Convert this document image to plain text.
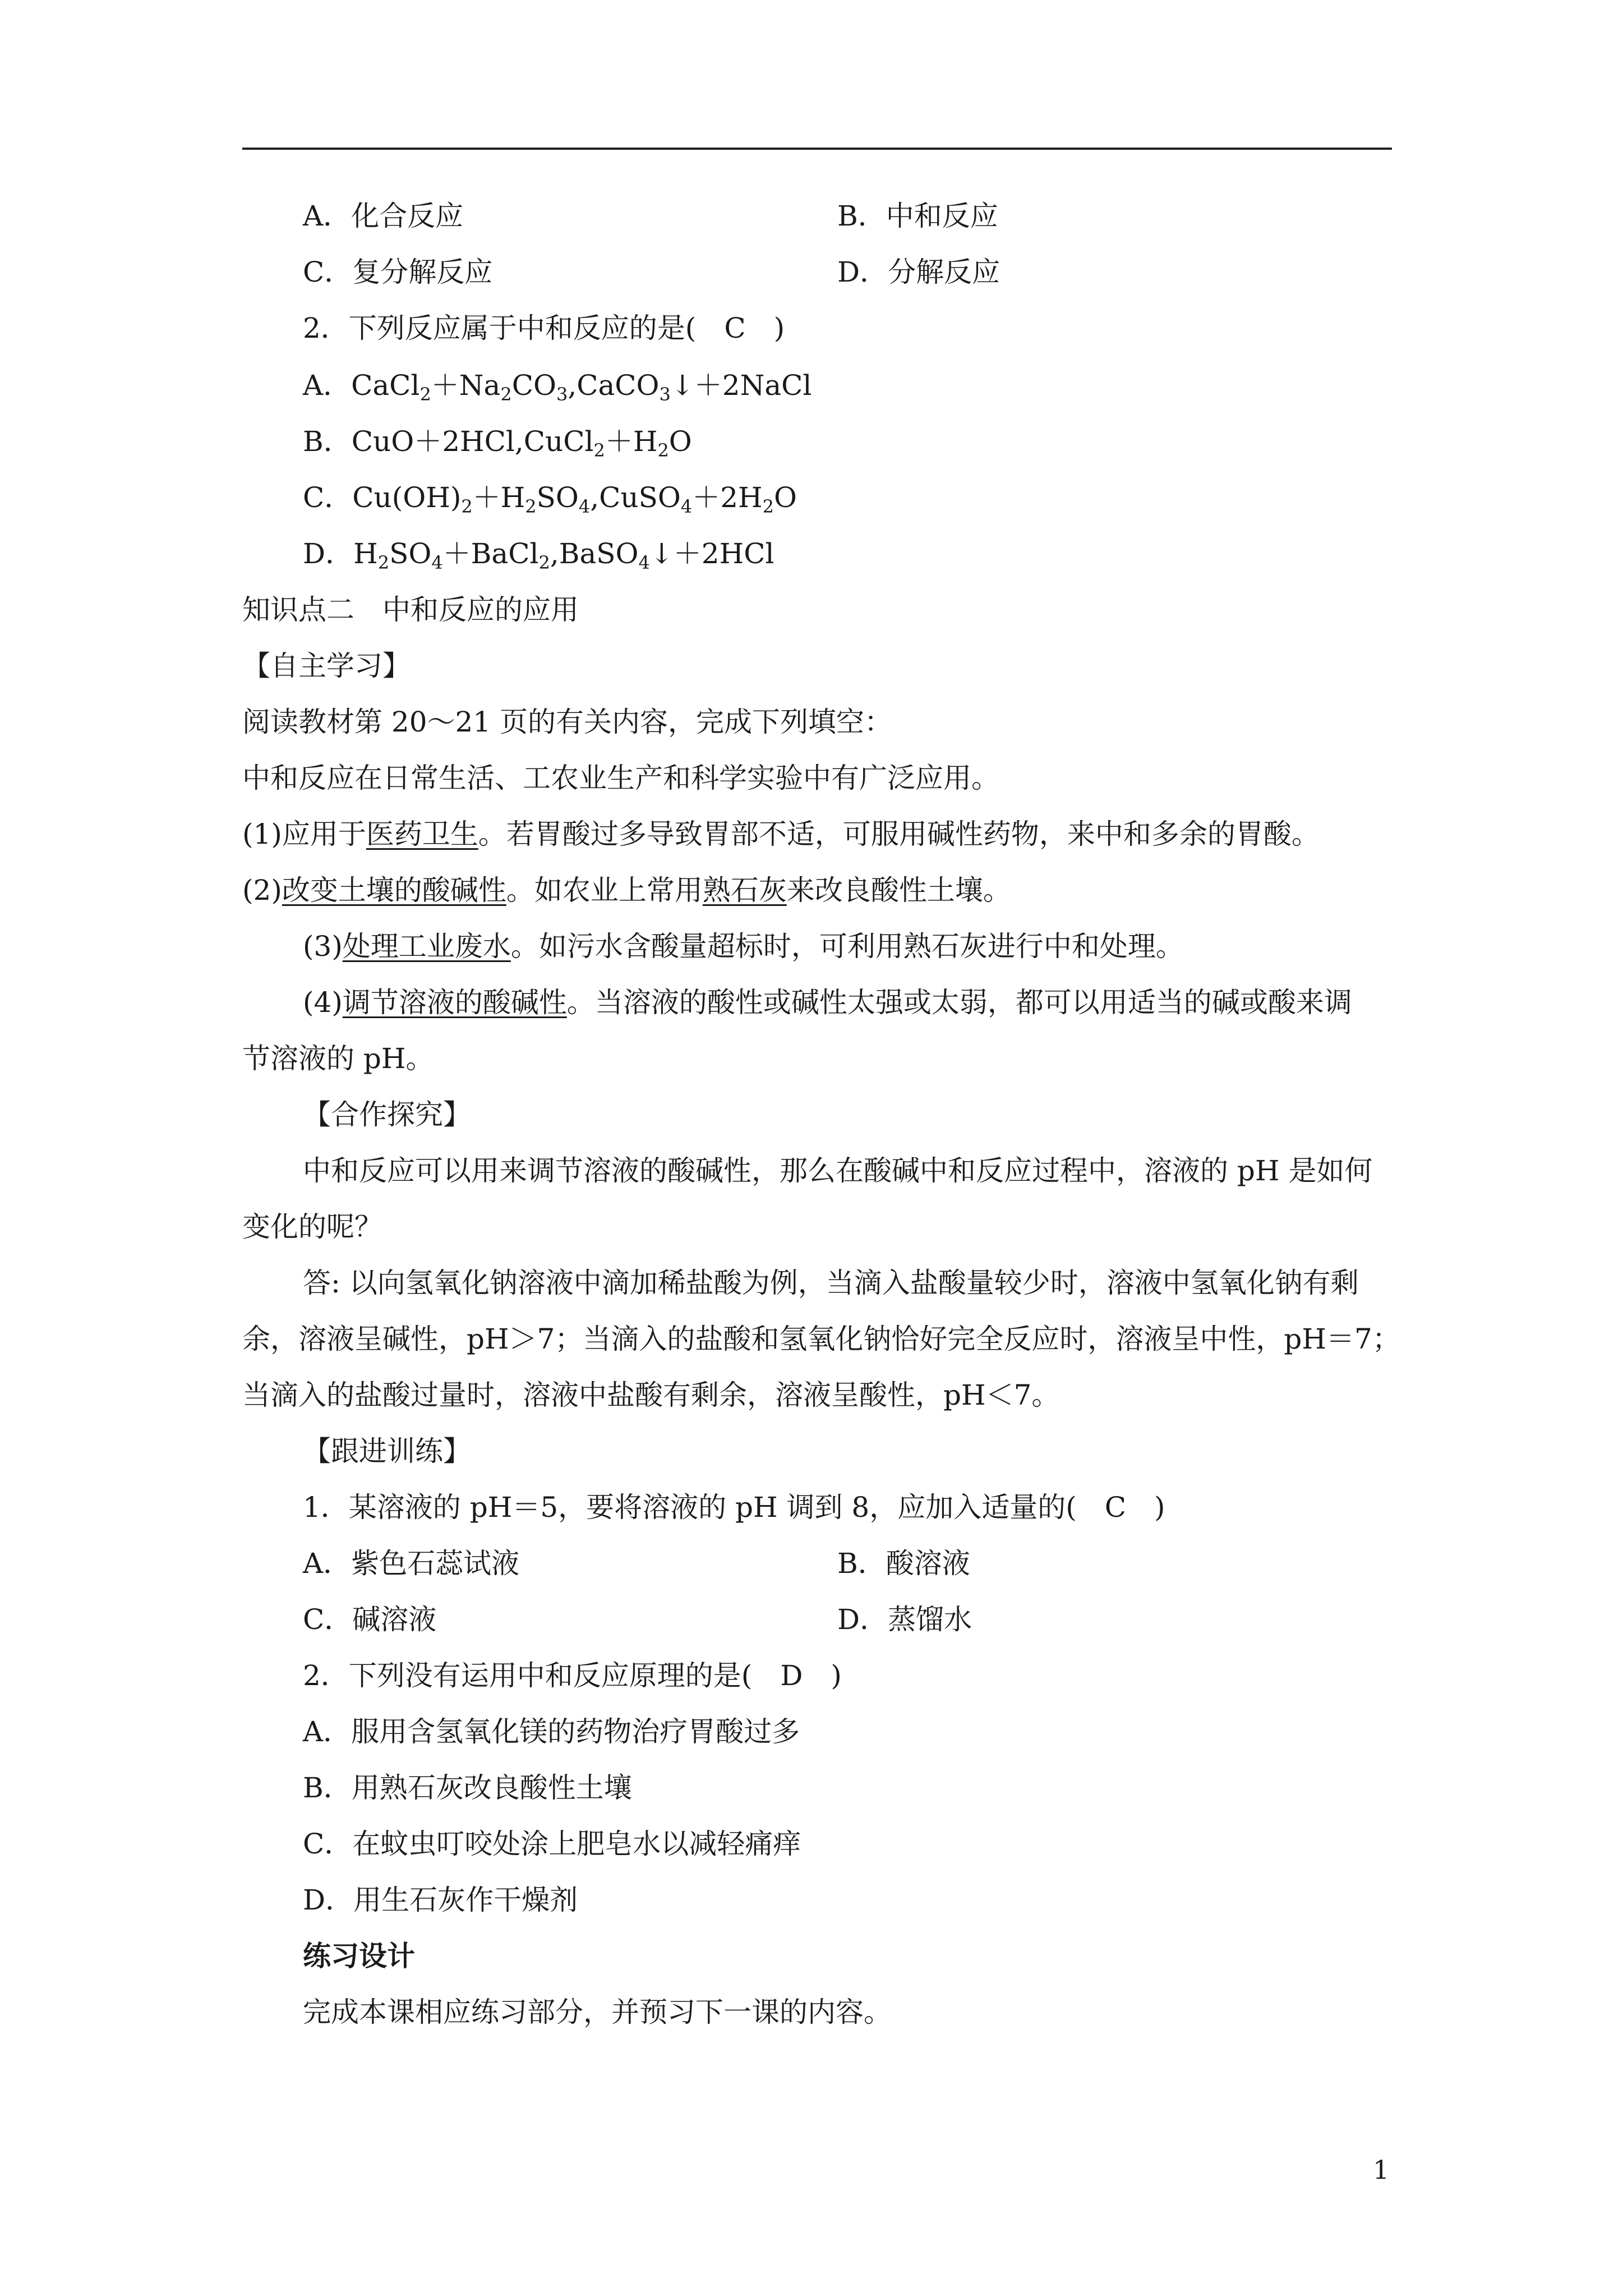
A．化合反应	B．中和反应
C．复分解反应	D．分解反应
2．下列反应属于中和反应的是(　C　)
A．$CaCl_2+Na_2CO_3,CaCO_3↓+2NaCl$
B．$CuO+2HCl,CuCl_2+H_2O$
C．$Cu(OH)_2+H_2SO_4,CuSO_4+2H_2O$
D．$H_2SO_4+BaCl_2,BaSO_4↓+2HCl$
知识点二　中和反应的应用
【自主学习】
阅读教材第 20～21 页的有关内容，完成下列填空：
中和反应在日常生活、工农业生产和科学实验中有广泛应用。
(1)应用于医药卫生。若胃酸过多导致胃部不适，可服用碱性药物，来中和多余的胃酸。
(2)改变土壤的酸碱性。如农业上常用熟石灰来改良酸性土壤。
(3)处理工业废水。如污水含酸量超标时，可利用熟石灰进行中和处理。
(4)调节溶液的酸碱性。当溶液的酸性或碱性太强或太弱，都可以用适当的碱或酸来调
节溶液的 pH。
【合作探究】
中和反应可以用来调节溶液的酸碱性，那么在酸碱中和反应过程中，溶液的 pH 是如何
变化的呢？
答: 以向氢氧化钠溶液中滴加稀盐酸为例，当滴入盐酸量较少时，溶液中氢氧化钠有剩
余，溶液呈碱性，pH＞7；当滴入的盐酸和氢氧化钠恰好完全反应时，溶液呈中性，pH＝7；
当滴入的盐酸过量时，溶液中盐酸有剩余，溶液呈酸性，pH＜7。
【跟进训练】
1．某溶液的 pH＝5，要将溶液的 pH 调到 8，应加入适量的(　C　)
A．紫色石蕊试液	B．酸溶液
C．碱溶液	D．蒸馏水
2．下列没有运用中和反应原理的是(　D　)
A．服用含氢氧化镁的药物治疗胃酸过多
B．用熟石灰改良酸性土壤
C．在蚊虫叮咬处涂上肥皂水以减轻痛痒
D．用生石灰作干燥剂
练习设计
完成本课相应练习部分，并预习下一课的内容。
1
